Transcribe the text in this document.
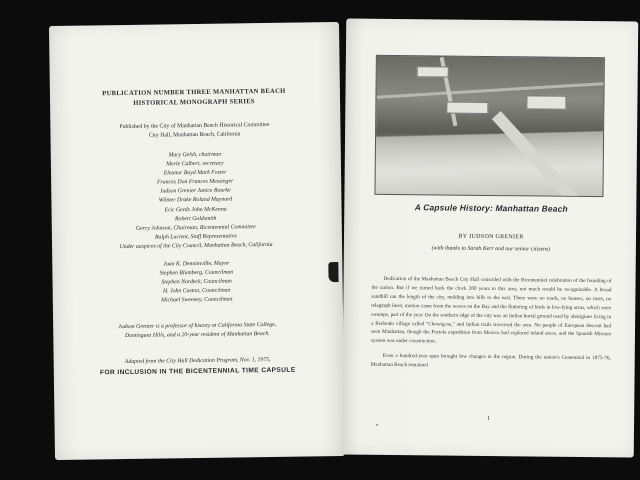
PUBLICATION NUMBER THREE MANHATTAN BEACH
HISTORICAL MONOGRAPH SERIES
Published by the City of Manhattan Beach Historical Committee
City Hall, Manhattan Beach, California
Mary Gelsh, chairman
Merle Calbert, secretary
Eleanor Boyd Mark Foster
Frances Don Frances Messinger
Judson Grenier Janice Rourke
Wilmer Drake Roland Maynard
Eric Gerds John McKenna
Robert Goldsmith
Gerry Johnson, Chairman, Bicentennial Committee
Ralph Lucient, Staff Representative
Under auspices of the City Council, Manhattan Beach, California
Joan K. Dennimville, Mayor
Stephen Blumberg, Councilman
Stephen Nordeck, Councilman
H. John Caston, Councilman
Michael Sweeney, Councilman
Judson Grenier is a professor of history at California State College,
Dominguez Hills, and a 20-year resident of Manhattan Beach.
Adapted from the City Hall Dedication Program, Nov. 1, 1975,
FOR INCLUSION IN THE BICENTENNIAL TIME CAPSULE
A Capsule History: Manhattan Beach
BY JUDSON GRENIER
(with thanks to Sarah Kerr and our senior citizens)

Dedication of the Manhattan Beach City Hall coincided with the Bicentennial celebration of the founding of the nation. But if we turned back the clock 200 years to this area, not much would be recognizable. A broad sandhill ran the length of the city, melding into hills to the east. There were no roads, no houses, no trees, no telegraph lines; motion came from the waves on the Bay and the fluttering of birds in low-lying areas, which were swamps, part of the year. On the southern edge of the city was an Indian burial ground used by aborigines living in a Redondo village called "Chowig-na," and Indian trails traversed the area. No people of European descent had seen Manhattan, though the Portola expedition from Mexico had explored inland areas, and the Spanish Mission system was under construction.

Even a hundred-year span brought few changes in the region. During the nation's Centennial in 1875-76, Manhattan Beach remained

•
1
